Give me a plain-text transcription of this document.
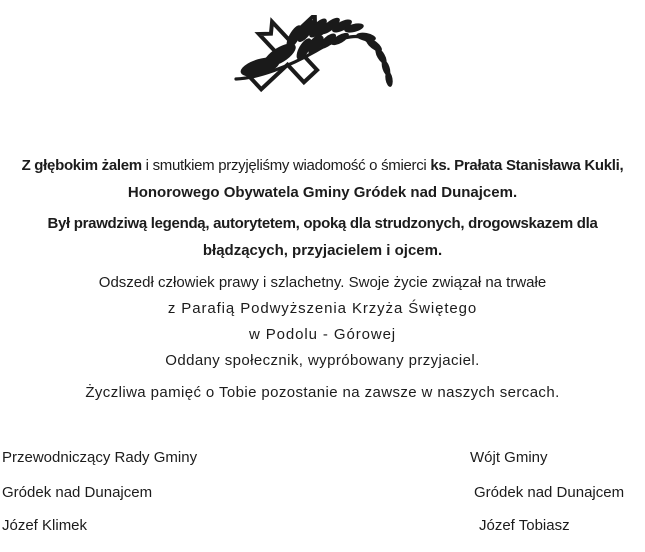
Z głębokim żalem i smutkiem przyjęliśmy wiadomość o śmierci ks. Prałata Stanisława Kukli,
Honorowego Obywatela Gminy Gródek nad Dunajcem.
Był prawdziwą legendą, autorytetem, opoką dla strudzonych, drogowskazem dla
błądzących, przyjacielem i ojcem.
Odszedł człowiek prawy i szlachetny. Swoje życie związał na trwałe
z Parafią Podwyższenia Krzyża Świętego
w Podolu - Górowej
Oddany społecznik, wypróbowany przyjaciel.
Życzliwa pamięć o Tobie pozostanie na zawsze w naszych sercach.
Przewodniczący Rady Gminy
Gródek nad Dunajcem
Józef Klimek
Wójt Gminy
Gródek nad Dunajcem
Józef Tobiasz
